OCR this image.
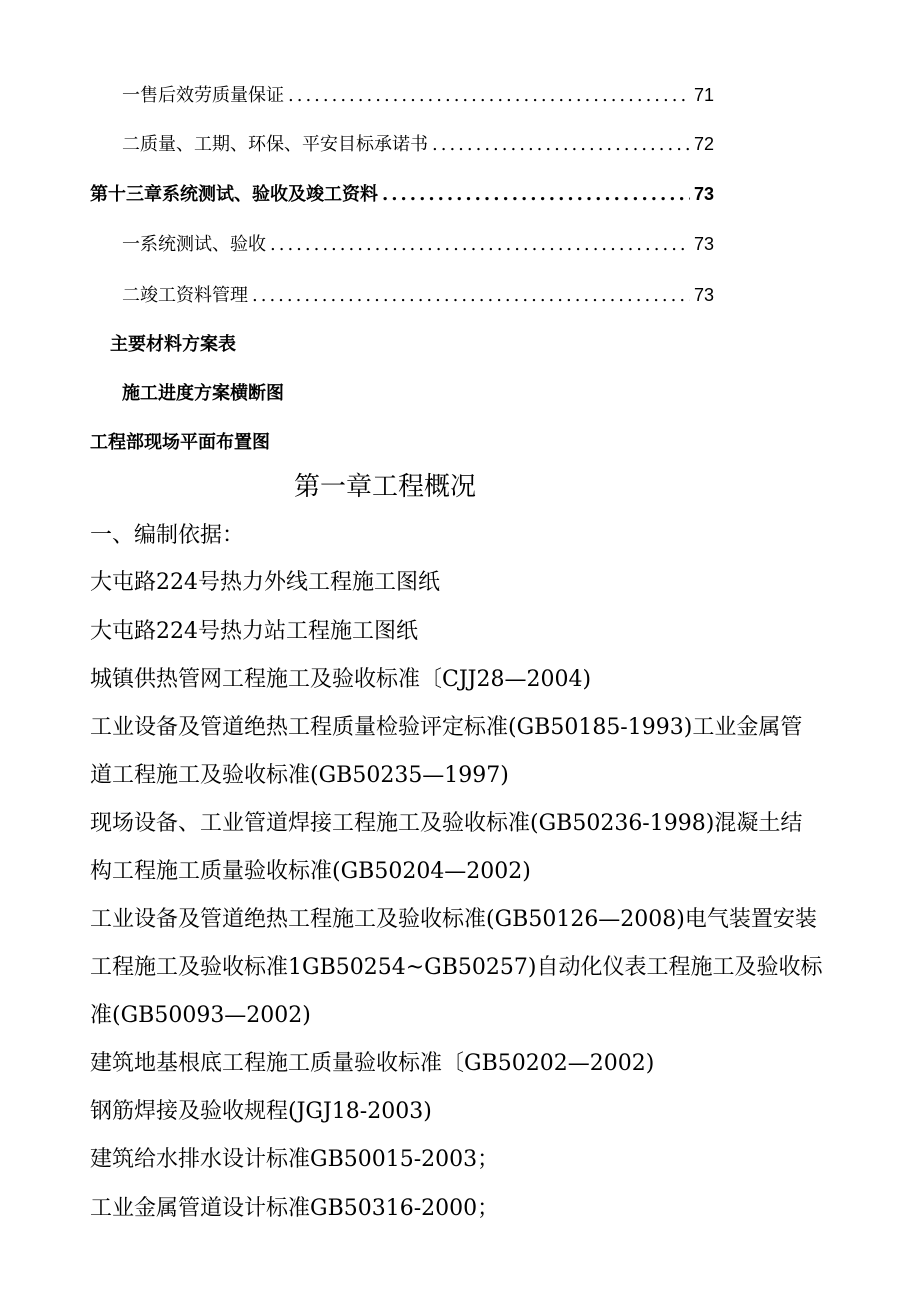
一售后效劳质量保证 .....	71
二质量、工期、环保、平安目标承诺书 .....	72
第十三章系统测试、验收及竣工资料 .....	73
一系统测试、验收 .....	73
二竣工资料管理 .....	73
主要材料方案表
施工进度方案横断图
工程部现场平面布置图
第一章工程概况
一、编制依据：
大屯路224号热力外线工程施工图纸
大屯路224号热力站工程施工图纸
城镇供热管网工程施工及验收标准〔CJJ28—2004)
工业设备及管道绝热工程质量检验评定标准(GB50185-1993)工业金属管
道工程施工及验收标准(GB50235—1997)
现场设备、工业管道焊接工程施工及验收标准(GB50236-1998)混凝土结
构工程施工质量验收标准(GB50204—2002)
工业设备及管道绝热工程施工及验收标准(GB50126—2008)电气装置安装
工程施工及验收标准1GB50254~GB50257)自动化仪表工程施工及验收标
准(GB50093—2002)
建筑地基根底工程施工质量验收标准〔GB50202—2002)
钢筋焊接及验收规程(JGJ18-2003)
建筑给水排水设计标准GB50015-2003；
工业金属管道设计标准GB50316-2000；
